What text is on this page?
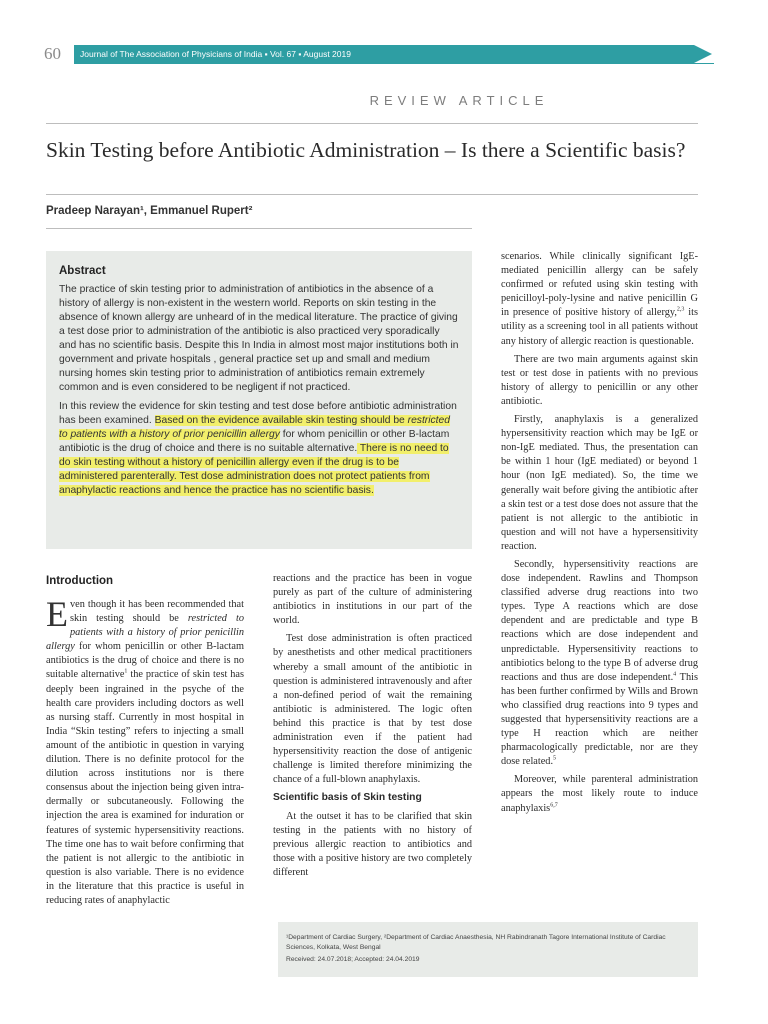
60	Journal of The Association of Physicians of India ▪ Vol. 67 ▪ August 2019
REVIEW ARTICLE
Skin Testing before Antibiotic Administration – Is there a Scientific basis?
Pradeep Narayan¹, Emmanuel Rupert²
Abstract

The practice of skin testing prior to administration of antibiotics in the absence of a history of allergy is non-existent in the western world. Reports on skin testing in the absence of known allergy are unheard of in the medical literature. The practice of giving a test dose prior to administration of the antibiotic is also practiced very sporadically and has no scientific basis. Despite this In India in almost most major institutions both in government and private hospitals , general practice set up and small and medium nursing homes skin testing prior to administration of antibiotics remain extremely common and is even considered to be negligent if not practiced.

In this review the evidence for skin testing and test dose before antibiotic administration has been examined. Based on the evidence available skin testing should be restricted to patients with a history of prior penicillin allergy for whom penicillin or other B-lactam antibiotic is the drug of choice and there is no suitable alternative. There is no need to do skin testing without a history of penicillin allergy even if the drug is to be administered parenterally. Test dose administration does not protect patients from anaphylactic reactions and hence the practice has no scientific basis.

Introduction

Even though it has been recommended that skin testing should be restricted to patients with a history of prior penicillin allergy for whom penicillin or other B-lactam antibiotics is the drug of choice and there is no suitable alternative$^1$ the practice of skin test has deeply been ingrained in the psyche of the health care providers including doctors as well as nursing staff. Currently in most hospital in India “Skin testing” refers to injecting a small amount of the antibiotic in question in varying dilution. There is no definite protocol for the dilution across institutions nor is there consensus about the injection being given intra-dermally or subcutaneously. Following the injection the area is examined for induration or features of systemic hypersensitivity reactions. The time one has to wait before confirming that the patient is not allergic to the antibiotic in question is also variable. There is no evidence in the literature that this practice is useful in reducing rates of anaphylactic

reactions and the practice has been in vogue purely as part of the culture of administering antibiotics in institutions in our part of the world.

Test dose administration is often practiced by anesthetists and other medical practitioners whereby a small amount of the antibiotic in question is administered intravenously and after a non-defined period of wait the remaining antibiotic is administered. The logic often behind this practice is that by test dose administration even if the patient had hypersensitivity reaction the dose of antigenic challenge is limited therefore minimizing the chance of a full-blown anaphylaxis.

Scientific basis of Skin testing

At the outset it has to be clarified that skin testing in the patients with no history of previous allergic reaction to antibiotics and those with a positive history are two completely different

scenarios. While clinically significant IgE-mediated penicillin allergy can be safely confirmed or refuted using skin testing with penicilloyl-poly-lysine and native penicillin G in presence of positive history of allergy,$^{2,3}$ its utility as a screening tool in all patients without any history of allergic reaction is questionable.

There are two main arguments against skin test or test dose in patients with no previous history of allergy to penicillin or any other antibiotic.

Firstly, anaphylaxis is a generalized hypersensitivity reaction which may be IgE or non-IgE mediated. Thus, the presentation can be within 1 hour (IgE mediated) or beyond 1 hour (non IgE mediated). So, the time we generally wait before giving the antibiotic after a skin test or a test dose does not assure that the patient is not allergic to the antibiotic in question and will not have a hypersensitivity reaction.

Secondly, hypersensitivity reactions are dose independent. Rawlins and Thompson classified adverse drug reactions into two types. Type A reactions which are dose dependent and are predictable and type B reactions which are dose independent and unpredictable. Hypersensitivity reactions to antibiotics belong to the type B of adverse drug reactions and thus are dose independent.$^4$ This has been further confirmed by Wills and Brown who classified drug reactions into 9 types and suggested that hypersensitivity reactions are a type H reaction which are neither pharmacologically predictable, nor are they dose related.$^5$

Moreover, while parenteral administration appears the most likely route to induce anaphylaxis$^{6,7}$

¹Department of Cardiac Surgery, ²Department of Cardiac Anaesthesia, NH Rabindranath Tagore International Institute of Cardiac Sciences, Kolkata, West Bengal
Received: 24.07.2018; Accepted: 24.04.2019
